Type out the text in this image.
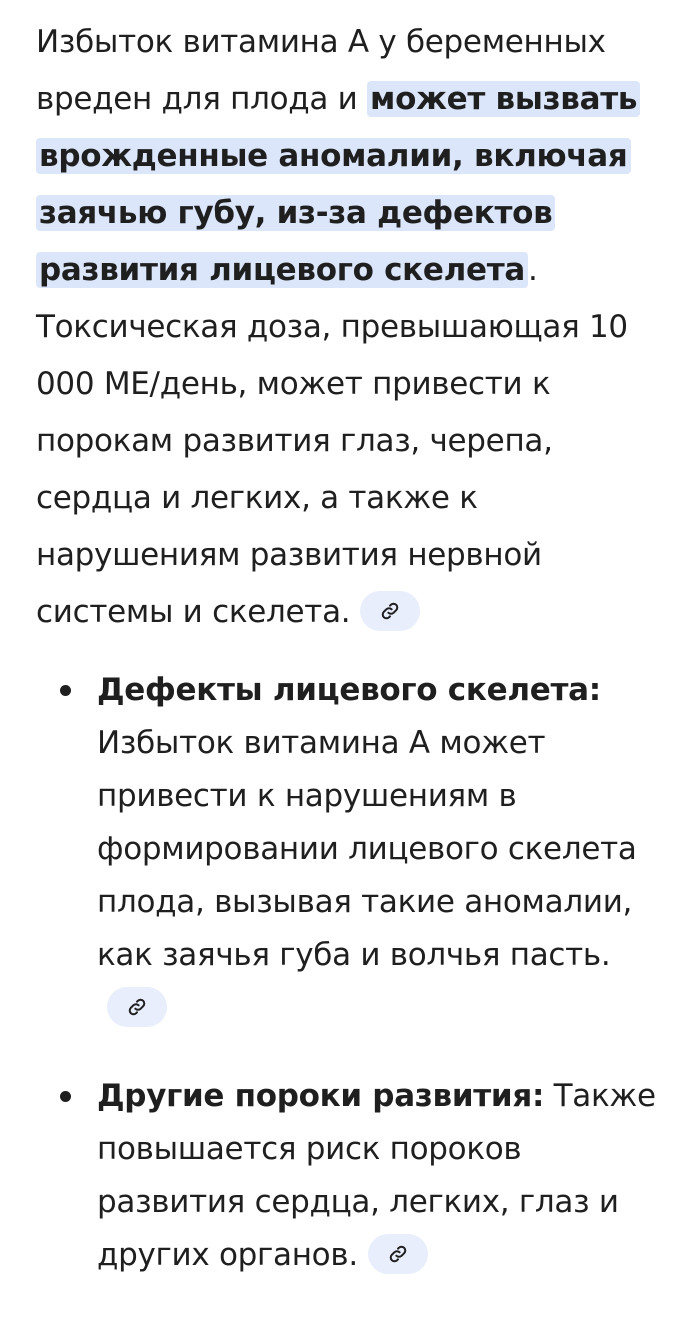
Избыток витамина А у беременных вреден для плода и может вызвать врожденные аномалии, включая заячью губу, из-за дефектов развития лицевого скелета. Токсическая доза, превышающая 10 000 МЕ/день, может привести к порокам развития глаз, черепа, сердца и легких, а также к нарушениям развития нервной системы и скелета.

Дефекты лицевого скелета: Избыток витамина А может привести к нарушениям в формировании лицевого скелета плода, вызывая такие аномалии, как заячья губа и волчья пасть.
Другие пороки развития: Также повышается риск пороков развития сердца, легких, глаз и других органов.
